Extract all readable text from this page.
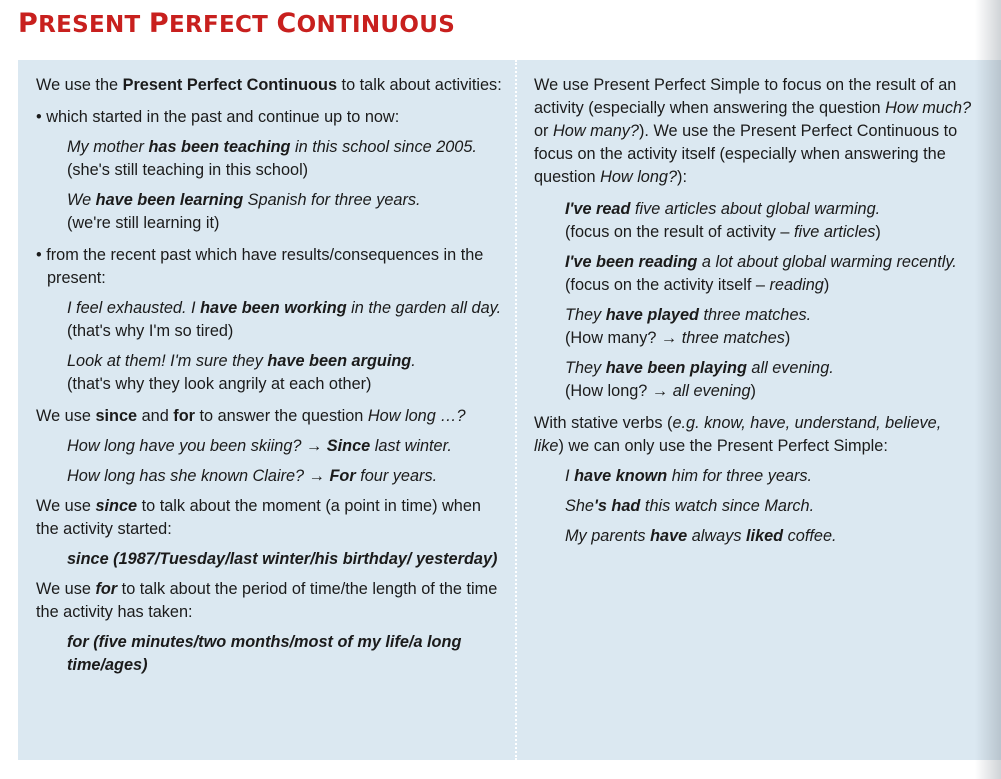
PRESENT PERFECT CONTINUOUS

We use the Present Perfect Continuous to talk about activities:

• which started in the past and continue up to now:

My mother has been teaching in this school since 2005.
(she's still teaching in this school)

We have been learning Spanish for three years.
(we're still learning it)

• from the recent past which have results/consequences in the present:

I feel exhausted. I have been working in the garden all day. (that's why I'm so tired)

Look at them! I'm sure they have been arguing.
(that's why they look angrily at each other)

We use since and for to answer the question How long …?

How long have you been skiing? → Since last winter.

How long has she known Claire? → For four years.

We use since to talk about the moment (a point in time) when the activity started:

since (1987/Tuesday/last winter/his birthday/ yesterday)

We use for to talk about the period of time/the length of the time the activity has taken:

for (five minutes/two months/most of my life/a long time/ages)

We use Present Perfect Simple to focus on the result of an activity (especially when answering the question How much? or How many?). We use the Present Perfect Continuous to focus on the activity itself (especially when answering the question How long?):

I've read five articles about global warming.
(focus on the result of activity – five articles)

I've been reading a lot about global warming recently. (focus on the activity itself – reading)

They have played three matches.
(How many? → three matches)

They have been playing all evening.
(How long? → all evening)

With stative verbs (e.g. know, have, understand, believe, like) we can only use the Present Perfect Simple:

I have known him for three years.

She's had this watch since March.

My parents have always liked coffee.
